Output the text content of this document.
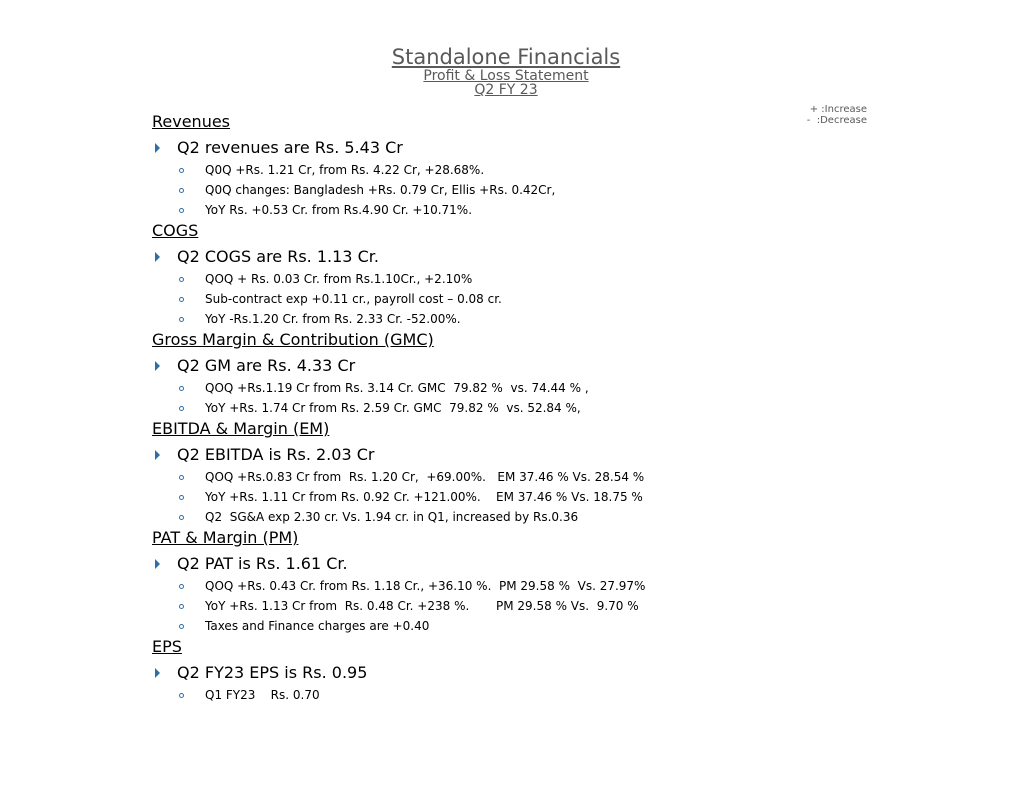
Standalone Financials
Profit & Loss Statement
Q2 FY 23
+ :Increase
-  :Decrease
Revenues
Q2 revenues are Rs. 5.43 Cr
Q0Q +Rs. 1.21 Cr, from Rs. 4.22 Cr, +28.68%.
Q0Q changes: Bangladesh +Rs. 0.79 Cr, Ellis +Rs. 0.42Cr,
YoY Rs. +0.53 Cr. from Rs.4.90 Cr. +10.71%.
COGS
Q2 COGS are Rs. 1.13 Cr.
QOQ + Rs. 0.03 Cr. from Rs.1.10Cr., +2.10%
Sub-contract exp +0.11 cr., payroll cost – 0.08 cr.
YoY -Rs.1.20 Cr. from Rs. 2.33 Cr. -52.00%.
Gross Margin & Contribution (GMC)
Q2 GM are Rs. 4.33 Cr
QOQ +Rs.1.19 Cr from Rs. 3.14 Cr. GMC  79.82 %  vs. 74.44 % ,
YoY +Rs. 1.74 Cr from Rs. 2.59 Cr. GMC  79.82 %  vs. 52.84 %,
EBITDA & Margin (EM)
Q2 EBITDA is Rs. 2.03 Cr
QOQ +Rs.0.83 Cr from  Rs. 1.20 Cr,  +69.00%.   EM 37.46 % Vs. 28.54 %
YoY +Rs. 1.11 Cr from Rs. 0.92 Cr. +121.00%.    EM 37.46 % Vs. 18.75 %
Q2  SG&A exp 2.30 cr. Vs. 1.94 cr. in Q1, increased by Rs.0.36
PAT & Margin (PM)
Q2 PAT is Rs. 1.61 Cr.
QOQ +Rs. 0.43 Cr. from Rs. 1.18 Cr., +36.10 %.  PM 29.58 %  Vs. 27.97%
YoY +Rs. 1.13 Cr from  Rs. 0.48 Cr. +238 %.       PM 29.58 % Vs.  9.70 %
Taxes and Finance charges are +0.40
EPS
Q2 FY23 EPS is Rs. 0.95
Q1 FY23    Rs. 0.70
